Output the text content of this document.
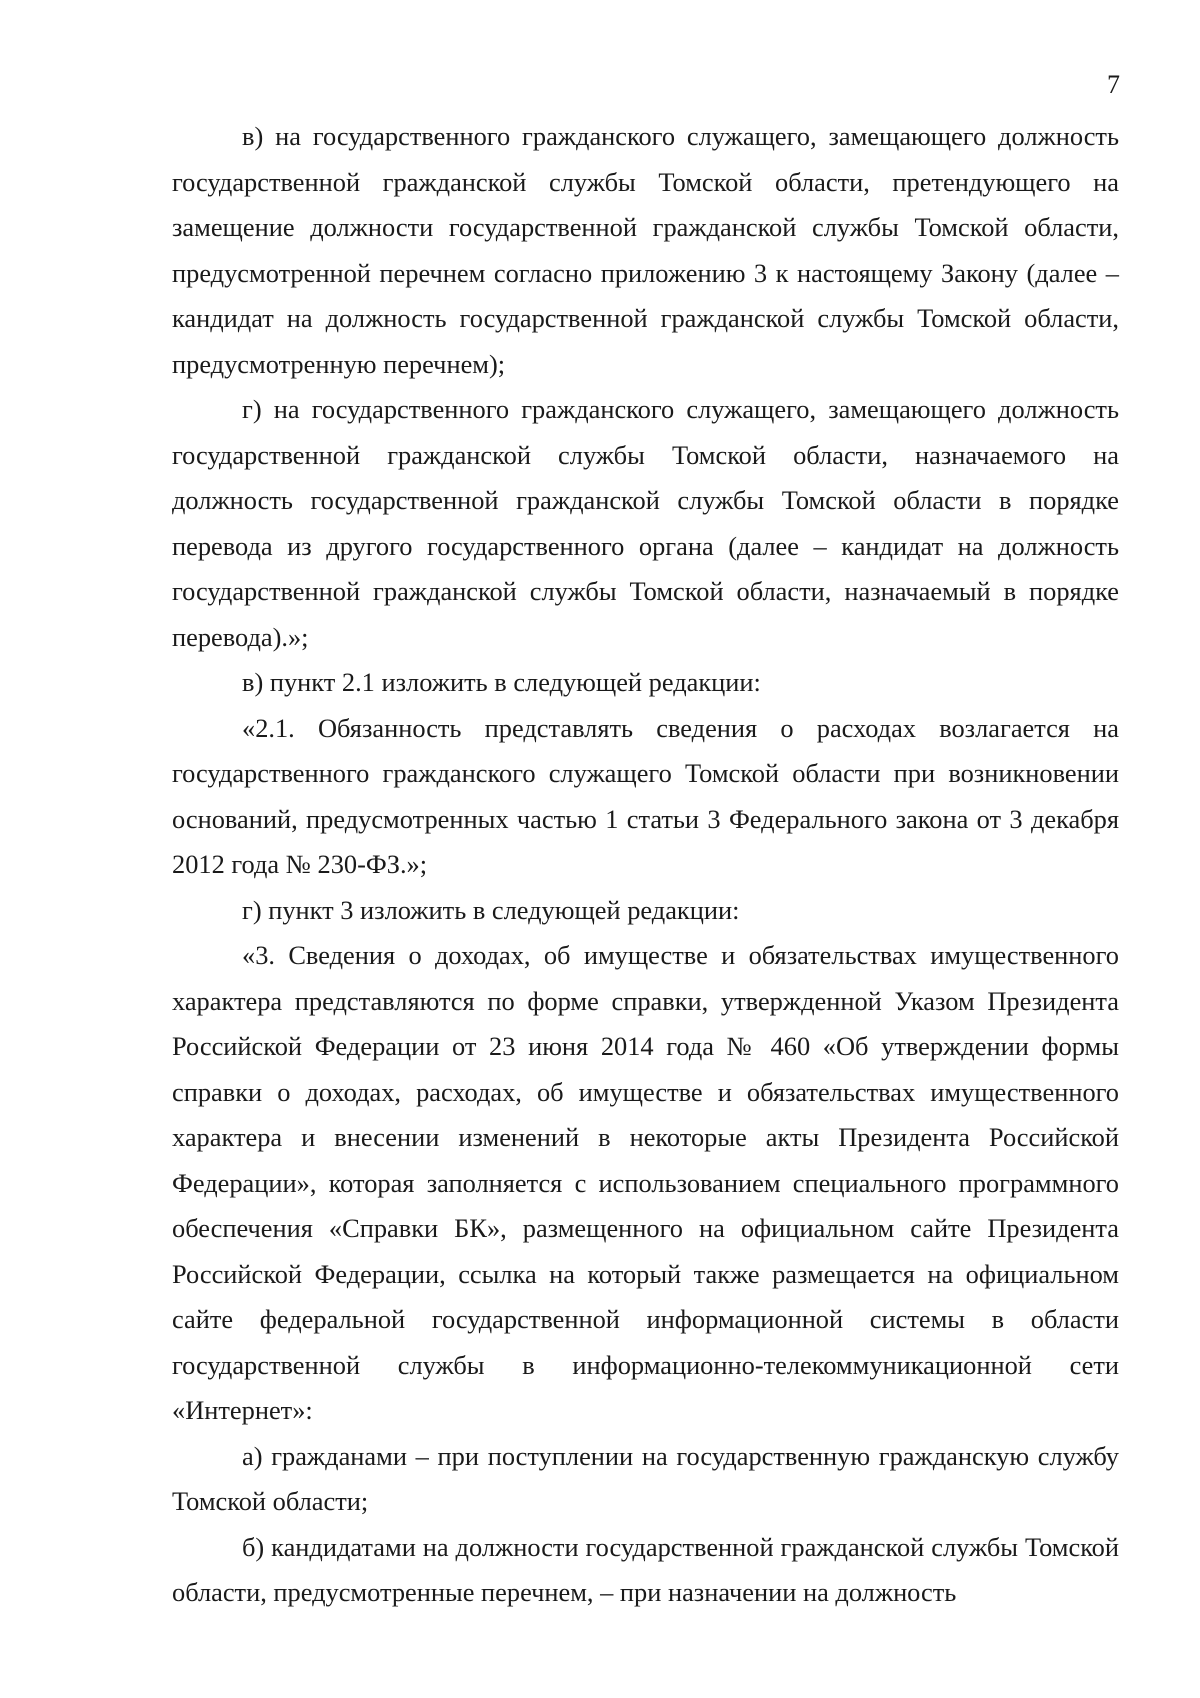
7

в) на государственного гражданского служащего, замещающего должность государственной гражданской службы Томской области, претендующего на замещение должности государственной гражданской службы Томской области, предусмотренной перечнем согласно приложению 3 к настоящему Закону (далее – кандидат на должность государственной гражданской службы Томской области, предусмотренную перечнем);

г) на государственного гражданского служащего, замещающего должность государственной гражданской службы Томской области, назначаемого на должность государственной гражданской службы Томской области в порядке перевода из другого государственного органа (далее – кандидат на должность государственной гражданской службы Томской области, назначаемый в порядке перевода).»;

в) пункт 2.1 изложить в следующей редакции:

«2.1. Обязанность представлять сведения о расходах возлагается на государственного гражданского служащего Томской области при возникновении оснований, предусмотренных частью 1 статьи 3 Федерального закона от 3 декабря 2012 года № 230-ФЗ.»;

г) пункт 3 изложить в следующей редакции:

«3. Сведения о доходах, об имуществе и обязательствах имущественного характера представляются по форме справки, утвержденной Указом Президента Российской Федерации от 23 июня 2014 года № 460 «Об утверждении формы справки о доходах, расходах, об имуществе и обязательствах имущественного характера и внесении изменений в некоторые акты Президента Российской Федерации», которая заполняется с использованием специального программного обеспечения «Справки БК», размещенного на официальном сайте Президента Российской Федерации, ссылка на который также размещается на официальном сайте федеральной государственной информационной системы в области государственной службы в информационно-телекоммуникационной сети «Интернет»:

а) гражданами – при поступлении на государственную гражданскую службу Томской области;

б) кандидатами на должности государственной гражданской службы Томской области, предусмотренные перечнем, – при назначении на должность
